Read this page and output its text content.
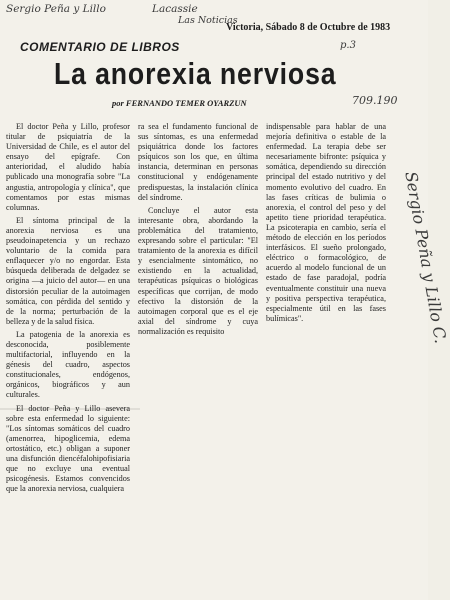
Sergio Peña y Lillo	Lacassie
Las Noticias
p.3
709.190
Sergio Peña y Lillo C.
Victoria, Sábado 8 de Octubre de 1983
COMENTARIO DE LIBROS
La anorexia nerviosa
por FERNANDO TEMER OYARZUN

El doctor Peña y Lillo, profesor titular de psiquiatría de la Universidad de Chile, es el autor del ensayo del epígrafe. Con anterioridad, el aludido había publicado una monografía sobre "La angustia, antropología y clínica", que comentamos por estas mismas columnas.

El síntoma principal de la anorexia nerviosa es una pseudoinapetencia y un rechazo voluntario de la comida para enflaquecer y/o no engordar. Esta búsqueda deliberada de delgadez se origina —a juicio del autor— en una distorsión peculiar de la autoimagen somática, con pérdida del sentido y de la norma; perturbación de la belleza y de la salud física.

La patogenia de la anorexia es desconocida, posiblemente multifactorial, influyendo en la génesis del cuadro, aspectos constitucionales, endógenos, orgánicos, biográficos y aun culturales.

El doctor Peña y Lillo asevera sobre esta enfermedad lo siguiente: "Los síntomas somáticos del cuadro (amenorrea, hipoglicemia, edema ortostático, etc.) obligan a suponer una disfunción diencéfalohipofisiaria que no excluye una eventual psicogénesis. Estamos convencidos que la anorexia nerviosa, cualquiera

ra sea el fundamento funcional de sus síntomas, es una enfermedad psiquiátrica donde los factores psíquicos son los que, en última instancia, determinan en personas constitucional y endógenamente predispuestas, la instalación clínica del síndrome.

Concluye el autor esta interesante obra, abordando la problemática del tratamiento, expresando sobre el particular: "El tratamiento de la anorexia es difícil y esencialmente sintomático, no existiendo en la actualidad, terapéuticas psíquicas o biológicas específicas que corrijan, de modo efectivo la distorsión de la autoimagen corporal que es el eje axial del síndrome y cuya normalización es requisito

indispensable para hablar de una mejoría definitiva o estable de la enfermedad. La terapia debe ser necesariamente bifronte: psíquica y somática, dependiendo su dirección principal del estado nutritivo y del momento evolutivo del cuadro. En las fases críticas de bulimia o anorexia, el control del peso y del apetito tiene prioridad terapéutica. La psicoterapia en cambio, sería el método de elección en los períodos interfásicos. El sueño prolongado, eléctrico o formacológico, de acuerdo al modelo funcional de un estado de fase paradojal, podría eventualmente constituir una nueva y positiva perspectiva terapéutica, especialmente útil en las fases bulímicas".
